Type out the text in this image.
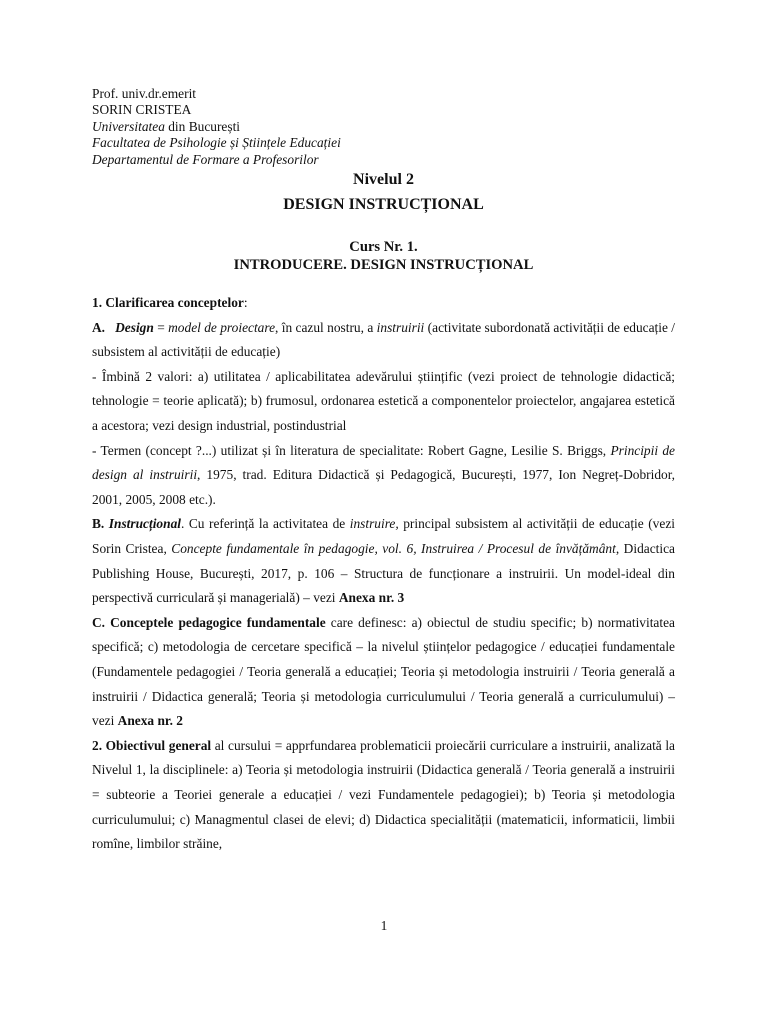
Prof. univ.dr.emerit
SORIN CRISTEA
Universitatea din București
Facultatea de Psihologie și Științele Educației
Departamentul de Formare a Profesorilor
Nivelul 2
DESIGN INSTRUCȚIONAL
Curs Nr. 1.
INTRODUCERE. DESIGN INSTRUCȚIONAL

1. Clarificarea conceptelor:

A. Design = model de proiectare, în cazul nostru, a instruirii (activitate subordonată activității de educație / subsistem al activității de educație)

- Îmbină 2 valori: a) utilitatea / aplicabilitatea adevărului științific (vezi proiect de tehnologie didactică; tehnologie = teorie aplicată); b) frumosul, ordonarea estetică a componentelor proiectelor, angajarea estetică a acestora; vezi design industrial, postindustrial

- Termen (concept ?...) utilizat și în literatura de specialitate: Robert Gagne, Lesilie S. Briggs, Principii de design al instruirii, 1975, trad. Editura Didactică și Pedagogică, București, 1977, Ion Negreț-Dobridor, 2001, 2005, 2008 etc.).

B. Instrucțional. Cu referință la activitatea de instruire, principal subsistem al activității de educație (vezi Sorin Cristea, Concepte fundamentale în pedagogie, vol. 6, Instruirea / Procesul de învățământ, Didactica Publishing House, București, 2017, p. 106 – Structura de funcționare a instruirii. Un model-ideal din perspectivă curriculară și managerială) – vezi Anexa nr. 3

C. Conceptele pedagogice fundamentale care definesc: a) obiectul de studiu specific; b) normativitatea specifică; c) metodologia de cercetare specifică – la nivelul științelor pedagogice / educației fundamentale (Fundamentele pedagogiei / Teoria generală a educației; Teoria și metodologia instruirii / Teoria generală a instruirii / Didactica generală; Teoria și metodologia curriculumului / Teoria generală a curriculumului) – vezi Anexa nr. 2

2. Obiectivul general al cursului = apprfundarea problematicii proiecării curriculare a instruirii, analizată la Nivelul 1, la disciplinele: a) Teoria și metodologia instruirii (Didactica generală / Teoria generală a instruirii = subteorie a Teoriei generale a educației / vezi Fundamentele pedagogiei); b) Teoria și metodologia curriculumului; c) Managmentul clasei de elevi; d) Didactica specialității (matematicii, informaticii, limbii romîne, limbilor străine,

1
